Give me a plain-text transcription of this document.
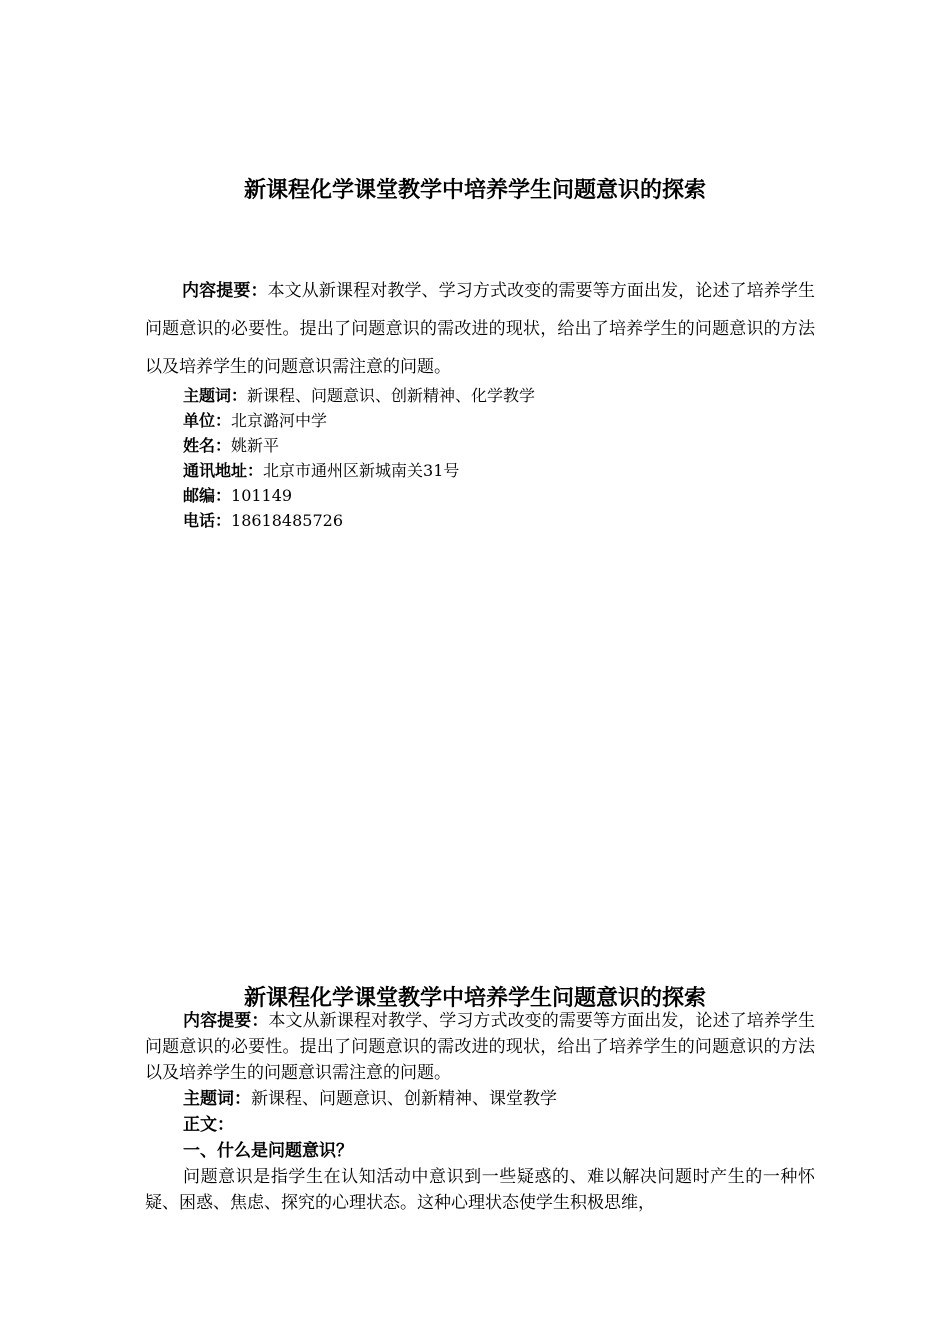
新课程化学课堂教学中培养学生问题意识的探索
内容提要：本文从新课程对教学、学习方式改变的需要等方面出发，论述了培养学生问题意识的必要性。提出了问题意识的需改进的现状，给出了培养学生的问题意识的方法以及培养学生的问题意识需注意的问题。
主题词：新课程、问题意识、创新精神、化学教学
单位：北京潞河中学
姓名：姚新平
通讯地址：北京市通州区新城南关31号
邮编：101149
电话：18618485726
新课程化学课堂教学中培养学生问题意识的探索
内容提要：本文从新课程对教学、学习方式改变的需要等方面出发，论述了培养学生问题意识的必要性。提出了问题意识的需改进的现状，给出了培养学生的问题意识的方法以及培养学生的问题意识需注意的问题。
主题词：新课程、问题意识、创新精神、课堂教学
正文：
一、什么是问题意识？
问题意识是指学生在认知活动中意识到一些疑惑的、难以解决问题时产生的一种怀疑、困惑、焦虑、探究的心理状态。这种心理状态使学生积极思维，
